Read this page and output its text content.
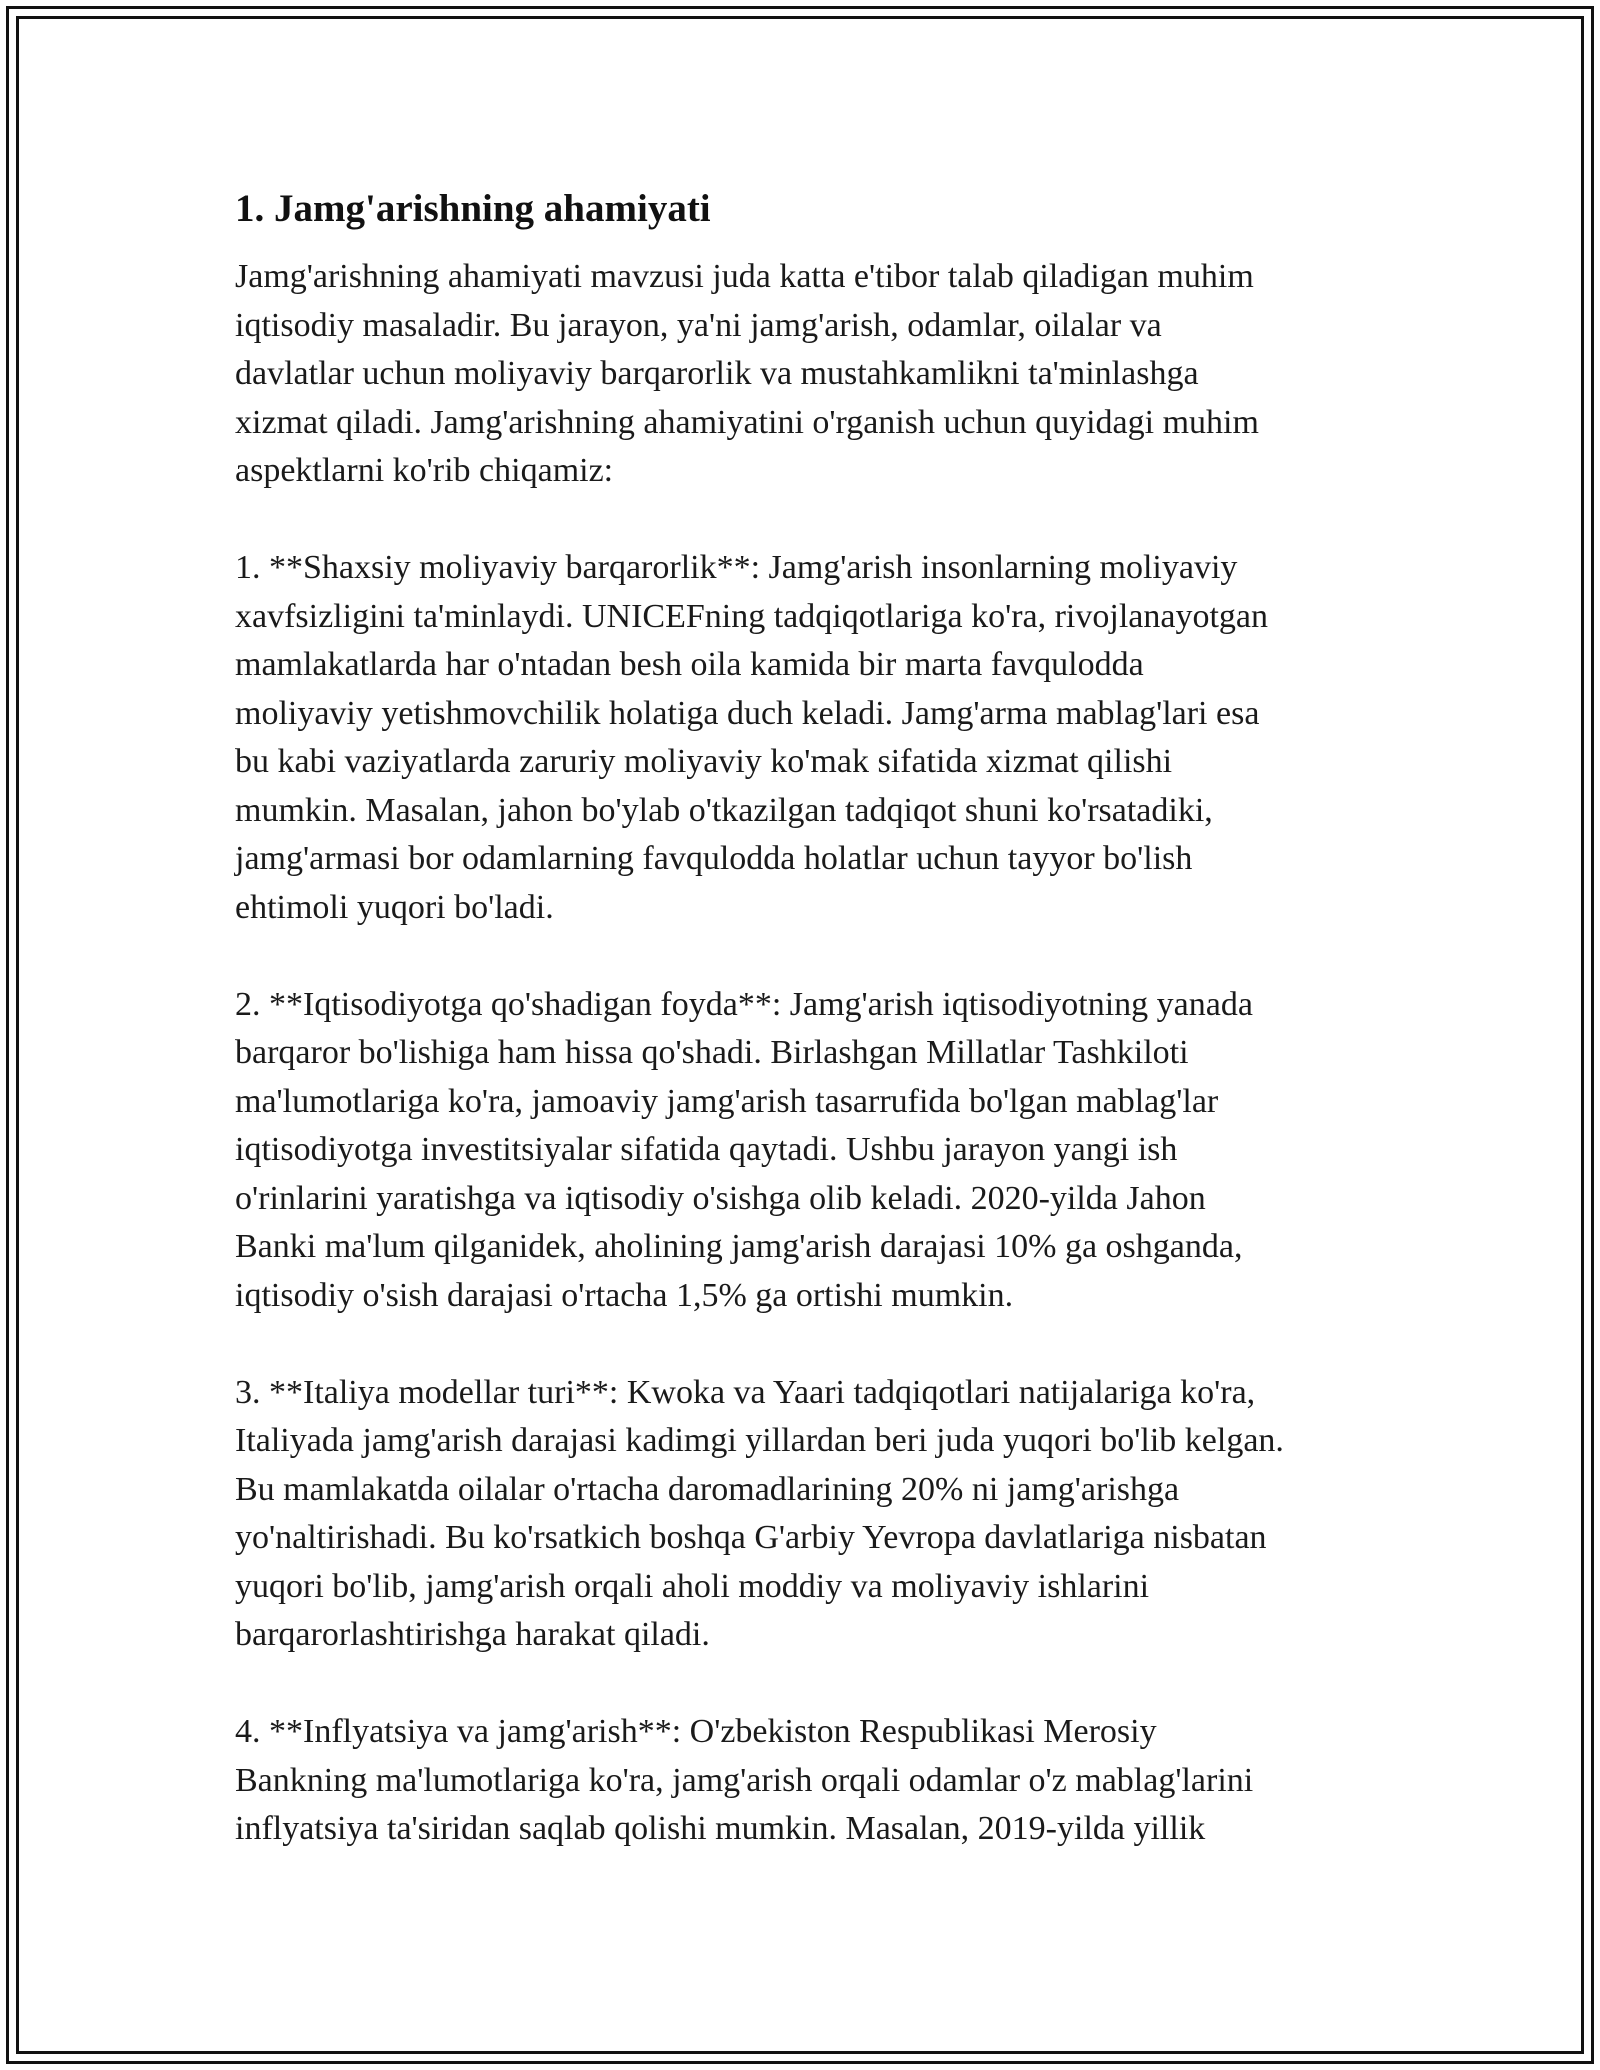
1. Jamg'arishning ahamiyati

Jamg'arishning ahamiyati mavzusi juda katta e'tibor talab qiladigan muhim
iqtisodiy masaladir. Bu jarayon, ya'ni jamg'arish, odamlar, oilalar va
davlatlar uchun moliyaviy barqarorlik va mustahkamlikni ta'minlashga
xizmat qiladi. Jamg'arishning ahamiyatini o'rganish uchun quyidagi muhim
aspektlarni ko'rib chiqamiz:

1. **Shaxsiy moliyaviy barqarorlik**: Jamg'arish insonlarning moliyaviy
xavfsizligini ta'minlaydi. UNICEFning tadqiqotlariga ko'ra, rivojlanayotgan
mamlakatlarda har o'ntadan besh oila kamida bir marta favqulodda
moliyaviy yetishmovchilik holatiga duch keladi. Jamg'arma mablag'lari esa
bu kabi vaziyatlarda zaruriy moliyaviy ko'mak sifatida xizmat qilishi
mumkin. Masalan, jahon bo'ylab o'tkazilgan tadqiqot shuni ko'rsatadiki,
jamg'armasi bor odamlarning favqulodda holatlar uchun tayyor bo'lish
ehtimoli yuqori bo'ladi.

2. **Iqtisodiyotga qo'shadigan foyda**: Jamg'arish iqtisodiyotning yanada
barqaror bo'lishiga ham hissa qo'shadi. Birlashgan Millatlar Tashkiloti
ma'lumotlariga ko'ra, jamoaviy jamg'arish tasarrufida bo'lgan mablag'lar
iqtisodiyotga investitsiyalar sifatida qaytadi. Ushbu jarayon yangi ish
o'rinlarini yaratishga va iqtisodiy o'sishga olib keladi. 2020-yilda Jahon
Banki ma'lum qilganidek, aholining jamg'arish darajasi 10% ga oshganda,
iqtisodiy o'sish darajasi o'rtacha 1,5% ga ortishi mumkin.

3. **Italiya modellar turi**: Kwoka va Yaari tadqiqotlari natijalariga ko'ra,
Italiyada jamg'arish darajasi kadimgi yillardan beri juda yuqori bo'lib kelgan.
Bu mamlakatda oilalar o'rtacha daromadlarining 20% ni jamg'arishga
yo'naltirishadi. Bu ko'rsatkich boshqa G'arbiy Yevropa davlatlariga nisbatan
yuqori bo'lib, jamg'arish orqali aholi moddiy va moliyaviy ishlarini
barqarorlashtirishga harakat qiladi.

4. **Inflyatsiya va jamg'arish**: O'zbekiston Respublikasi Merosiy
Bankning ma'lumotlariga ko'ra, jamg'arish orqali odamlar o'z mablag'larini
inflyatsiya ta'siridan saqlab qolishi mumkin. Masalan, 2019-yilda yillik
